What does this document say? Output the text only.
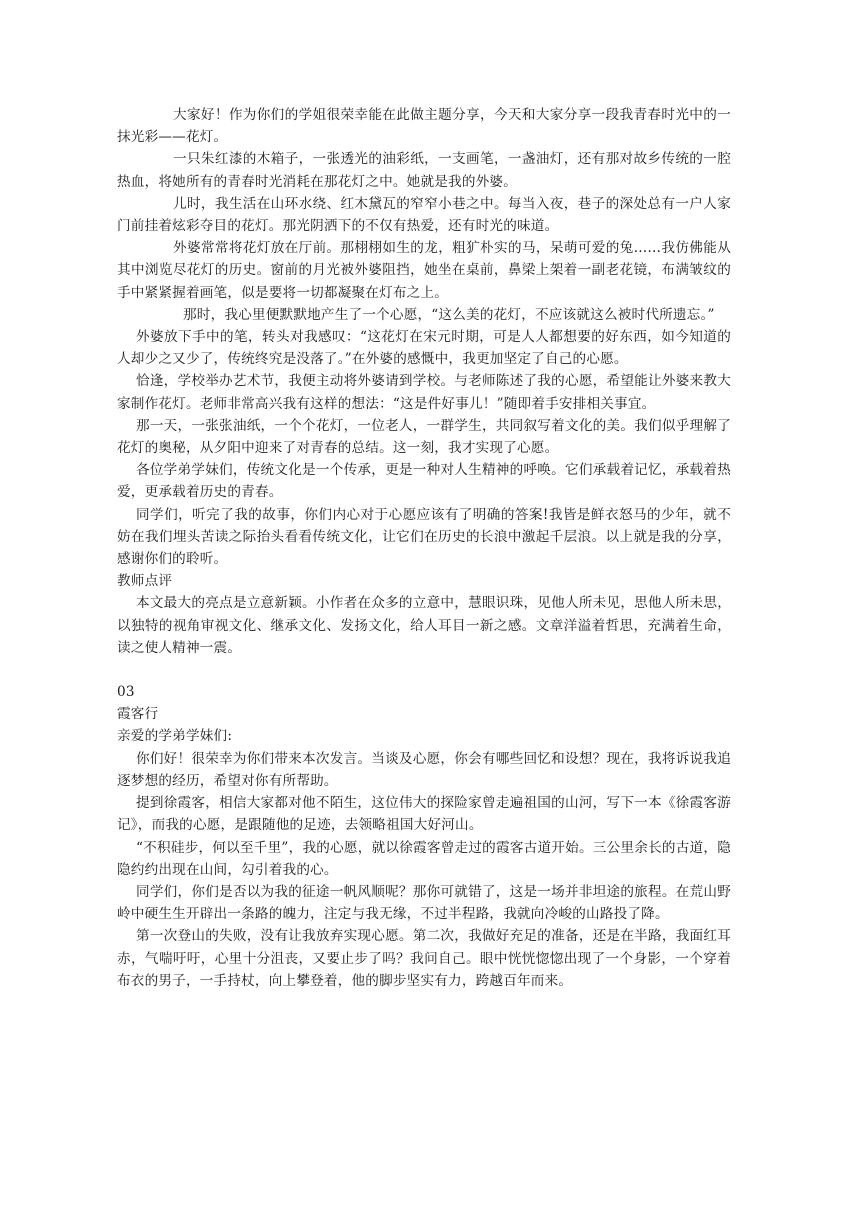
大家好！作为你们的学姐很荣幸能在此做主题分享，今天和大家分享一段我青春时光中的一抹光彩——花灯。

一只朱红漆的木箱子，一张透光的油彩纸，一支画笔，一盏油灯，还有那对故乡传统的一腔热血，将她所有的青春时光消耗在那花灯之中。她就是我的外婆。

儿时，我生活在山环水绕、红木黛瓦的窄窄小巷之中。每当入夜，巷子的深处总有一户人家门前挂着炫彩夺目的花灯。那光阴洒下的不仅有热爱，还有时光的味道。

外婆常常将花灯放在厅前。那栩栩如生的龙，粗犷朴实的马，呆萌可爱的兔……我仿佛能从其中浏览尽花灯的历史。窗前的月光被外婆阻挡，她坐在桌前，鼻梁上架着一副老花镜，布满皱纹的手中紧紧握着画笔，似是要将一切都凝聚在灯布之上。

那时，我心里便默默地产生了一个心愿，“这么美的花灯，不应该就这么被时代所遗忘。”

外婆放下手中的笔，转头对我感叹：“这花灯在宋元时期，可是人人都想要的好东西，如今知道的人却少之又少了，传统终究是没落了。”在外婆的感慨中，我更加坚定了自己的心愿。

恰逢，学校举办艺术节，我便主动将外婆请到学校。与老师陈述了我的心愿，希望能让外婆来教大家制作花灯。老师非常高兴我有这样的想法：“这是件好事儿！”随即着手安排相关事宜。

那一天，一张张油纸，一个个花灯，一位老人，一群学生，共同叙写着文化的美。我们似乎理解了花灯的奥秘，从夕阳中迎来了对青春的总结。这一刻，我才实现了心愿。

各位学弟学妹们，传统文化是一个传承，更是一种对人生精神的呼唤。它们承载着记忆，承载着热爱，更承载着历史的青春。

同学们，听完了我的故事，你们内心对于心愿应该有了明确的答案!我皆是鲜衣怒马的少年，就不妨在我们埋头苦读之际抬头看看传统文化，让它们在历史的长浪中激起千层浪。以上就是我的分享，感谢你们的聆听。

教师点评

本文最大的亮点是立意新颖。小作者在众多的立意中，慧眼识珠，见他人所未见，思他人所未思，以独特的视角审视文化、继承文化、发扬文化，给人耳目一新之感。文章洋溢着哲思，充满着生命，读之使人精神一震。

03

霞客行

亲爱的学弟学妹们:

你们好！很荣幸为你们带来本次发言。当谈及心愿，你会有哪些回忆和设想？现在，我将诉说我追逐梦想的经历，希望对你有所帮助。

提到徐霞客，相信大家都对他不陌生，这位伟大的探险家曾走遍祖国的山河，写下一本《徐霞客游记》，而我的心愿，是跟随他的足迹，去领略祖国大好河山。

“不积硅步，何以至千里”，我的心愿，就以徐霞客曾走过的霞客古道开始。三公里余长的古道，隐隐约约出现在山间，勾引着我的心。

同学们，你们是否以为我的征途一帆风顺呢？那你可就错了，这是一场并非坦途的旅程。在荒山野岭中硬生生开辟出一条路的魄力，注定与我无缘，不过半程路，我就向冷峻的山路投了降。

第一次登山的失败，没有让我放弃实现心愿。第二次，我做好充足的准备，还是在半路，我面红耳赤，气喘吁吁，心里十分沮丧，又要止步了吗？我问自己。眼中恍恍惚惚出现了一个身影，一个穿着布衣的男子，一手持杖，向上攀登着，他的脚步坚实有力，跨越百年而来。
